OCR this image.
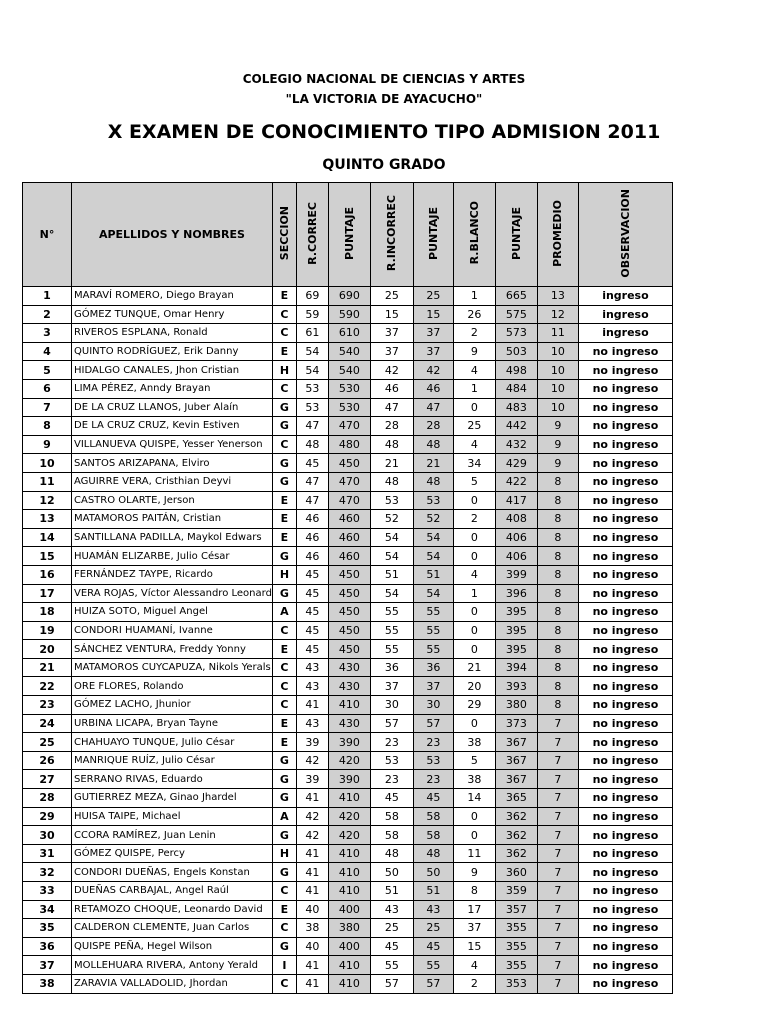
COLEGIO NACIONAL DE CIENCIAS Y ARTES
"LA VICTORIA DE AYACUCHO"
X EXAMEN DE CONOCIMIENTO TIPO ADMISION 2011
QUINTO GRADO
N°	APELLIDOS Y NOMBRES	SECCION	R.CORREC	PUNTAJE	R.INCORREC	PUNTAJE	R.BLANCO	PUNTAJE	PROMEDIO	OBSERVACION
1	MARAVÍ ROMERO, Diego Brayan	E	69	690	25	25	1	665	13	ingreso
2	GÓMEZ TUNQUE, Omar Henry	C	59	590	15	15	26	575	12	ingreso
3	RIVEROS ESPLANA, Ronald	C	61	610	37	37	2	573	11	ingreso
4	QUINTO RODRÍGUEZ, Erik Danny	E	54	540	37	37	9	503	10	no ingreso
5	HIDALGO CANALES, Jhon Cristian	H	54	540	42	42	4	498	10	no ingreso
6	LIMA PÉREZ, Anndy Brayan	C	53	530	46	46	1	484	10	no ingreso
7	DE LA CRUZ LLANOS, Juber Alaín	G	53	530	47	47	0	483	10	no ingreso
8	DE LA CRUZ CRUZ, Kevin Estiven	G	47	470	28	28	25	442	9	no ingreso
9	VILLANUEVA QUISPE, Yesser Yenerson	C	48	480	48	48	4	432	9	no ingreso
10	SANTOS ARIZAPANA, Elviro	G	45	450	21	21	34	429	9	no ingreso
11	AGUIRRE VERA, Cristhian Deyvi	G	47	470	48	48	5	422	8	no ingreso
12	CASTRO OLARTE, Jerson	E	47	470	53	53	0	417	8	no ingreso
13	MATAMOROS PAITÁN, Cristian	E	46	460	52	52	2	408	8	no ingreso
14	SANTILLANA PADILLA, Maykol Edwars	E	46	460	54	54	0	406	8	no ingreso
15	HUAMÁN ELIZARBE, Julio César	G	46	460	54	54	0	406	8	no ingreso
16	FERNÁNDEZ TAYPE, Ricardo	H	45	450	51	51	4	399	8	no ingreso
17	VERA ROJAS, Víctor Alessandro Leonard	G	45	450	54	54	1	396	8	no ingreso
18	HUIZA SOTO, Miguel Angel	A	45	450	55	55	0	395	8	no ingreso
19	CONDORI HUAMANÍ, Ivanne	C	45	450	55	55	0	395	8	no ingreso
20	SÁNCHEZ VENTURA, Freddy Yonny	E	45	450	55	55	0	395	8	no ingreso
21	MATAMOROS CUYCAPUZA, Nikols Yerals	C	43	430	36	36	21	394	8	no ingreso
22	ORE FLORES, Rolando	C	43	430	37	37	20	393	8	no ingreso
23	GÓMEZ LACHO, Jhunior	C	41	410	30	30	29	380	8	no ingreso
24	URBINA LICAPA, Bryan Tayne	E	43	430	57	57	0	373	7	no ingreso
25	CHAHUAYO TUNQUE, Julio César	E	39	390	23	23	38	367	7	no ingreso
26	MANRIQUE RUÍZ, Julio César	G	42	420	53	53	5	367	7	no ingreso
27	SERRANO RIVAS, Eduardo	G	39	390	23	23	38	367	7	no ingreso
28	GUTIERREZ MEZA, Ginao Jhardel	G	41	410	45	45	14	365	7	no ingreso
29	HUISA TAIPE, Michael	A	42	420	58	58	0	362	7	no ingreso
30	CCORA RAMÍREZ, Juan Lenin	G	42	420	58	58	0	362	7	no ingreso
31	GÓMEZ QUISPE, Percy	H	41	410	48	48	11	362	7	no ingreso
32	CONDORI DUEÑAS, Engels Konstan	G	41	410	50	50	9	360	7	no ingreso
33	DUEÑAS CARBAJAL, Angel Raúl	C	41	410	51	51	8	359	7	no ingreso
34	RETAMOZO CHOQUE, Leonardo David	E	40	400	43	43	17	357	7	no ingreso
35	CALDERON CLEMENTE, Juan Carlos	C	38	380	25	25	37	355	7	no ingreso
36	QUISPE PEÑA, Hegel Wilson	G	40	400	45	45	15	355	7	no ingreso
37	MOLLEHUARA RIVERA, Antony Yerald	I	41	410	55	55	4	355	7	no ingreso
38	ZARAVIA VALLADOLID, Jhordan	C	41	410	57	57	2	353	7	no ingreso
